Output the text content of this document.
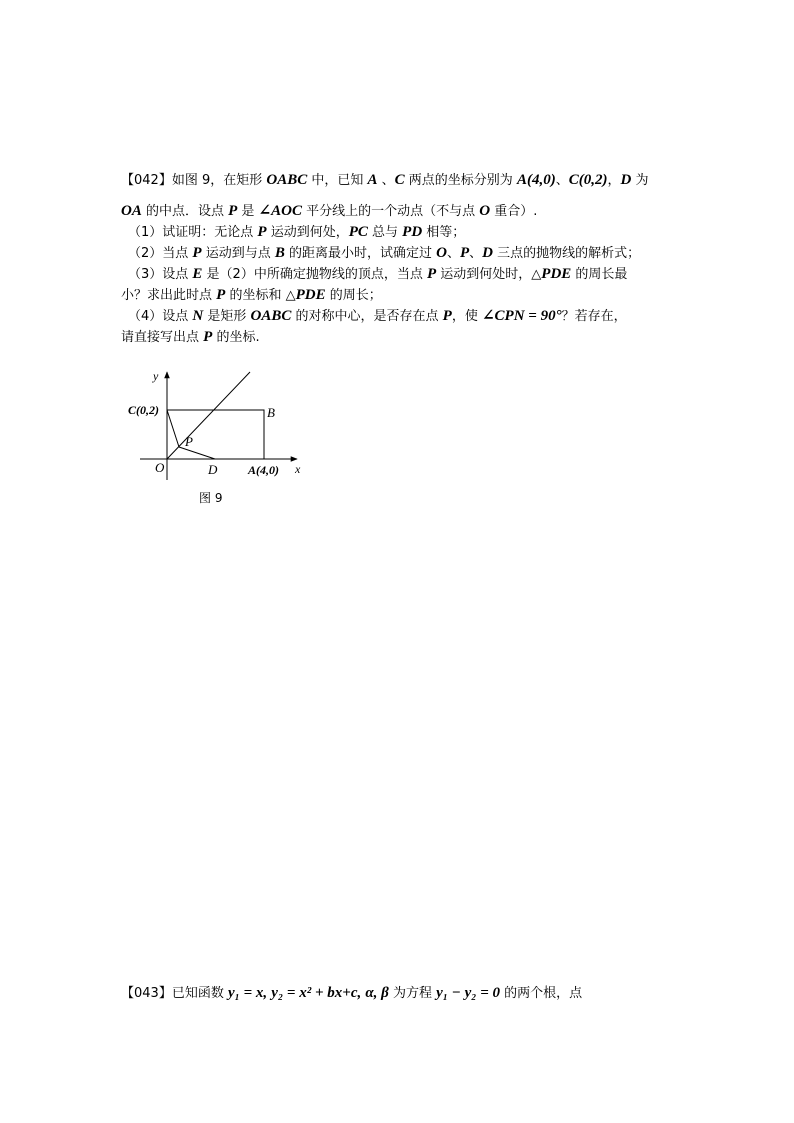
【042】如图 9，在矩形 OABC 中，已知 A 、C 两点的坐标分别为 A(4,0)、C(0,2)，D 为
OA 的中点．设点 P 是 ∠AOC 平分线上的一个动点（不与点 O 重合）.
（1）试证明：无论点 P 运动到何处，PC 总与 PD 相等；
（2）当点 P 运动到与点 B 的距离最小时，试确定过 O、P、D 三点的抛物线的解析式；
（3）设点 E 是（2）中所确定抛物线的顶点，当点 P 运动到何处时，△PDE 的周长最
小？求出此时点 P 的坐标和 △PDE 的周长；
（4）设点 N 是矩形 OABC 的对称中心，是否存在点 P，使 ∠CPN = 90°？若存在，
请直接写出点 P 的坐标.
y
C(0,2)	B
P
O	D	A(4,0) x
图 9
【043】已知函数 y₁ = x, y₂ = x² + bx+c, α, β 为方程 y₁ − y₂ = 0 的两个根，点
